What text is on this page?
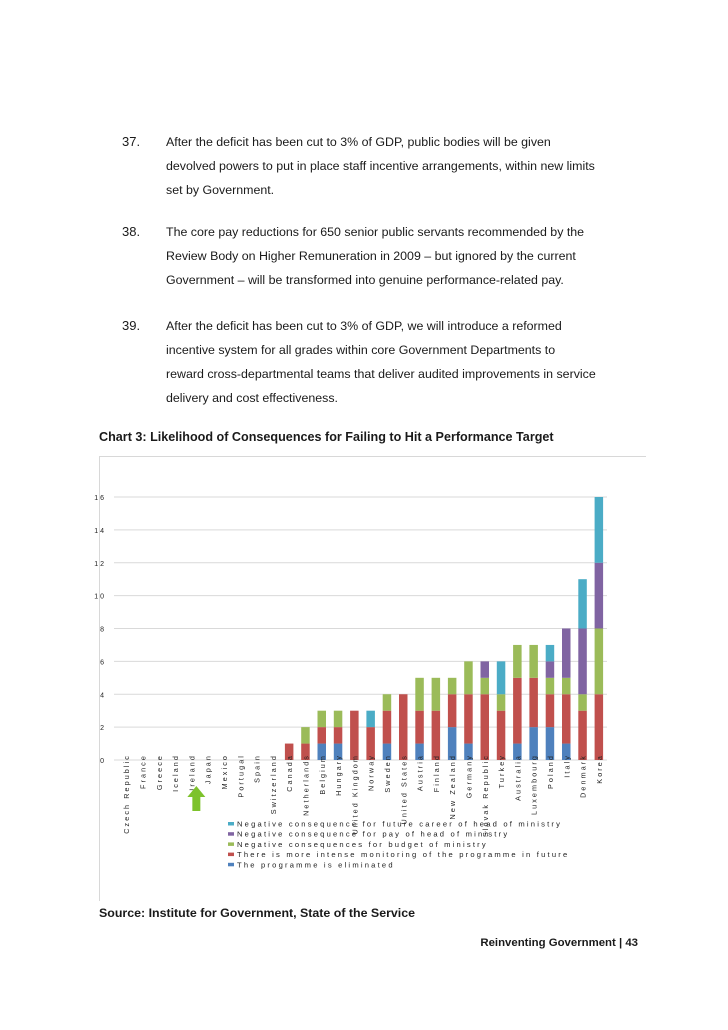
37. After the deficit has been cut to 3% of GDP, public bodies will be given
devolved powers to put in place staff incentive arrangements, within new limits
set by Government.
38. The core pay reductions for 650 senior public servants recommended by the
Review Body on Higher Remuneration in 2009 – but ignored by the current
Government – will be transformed into genuine performance-related pay.
39. After the deficit has been cut to 3% of GDP, we will introduce a reformed
incentive system for all grades within core Government Departments to
reward cross-departmental teams that deliver audited improvements in service
delivery and cost effectiveness.
Chart 3: Likelihood of Consequences for Failing to Hit a Performance Target
0
2
4
6
8
10
12
14
16
Czech Republic France Greece Iceland Ireland Japan Mexico Portugal Spain Switzerland Canada Netherlands Belgium Hungary United Kingdom Norway Sweden United States Austria Finland New Zealand Germany Slovak Republic Turkey Australia Luxembourg Poland Italy Denmark Korea
Negative consequence for future career of head of ministry
Negative consequence for pay of head of ministry
Negative consequences for budget of ministry
There is more intense monitoring of the programme in future
The programme is eliminated
Source: Institute for Government, State of the Service
Reinventing Government | 43
